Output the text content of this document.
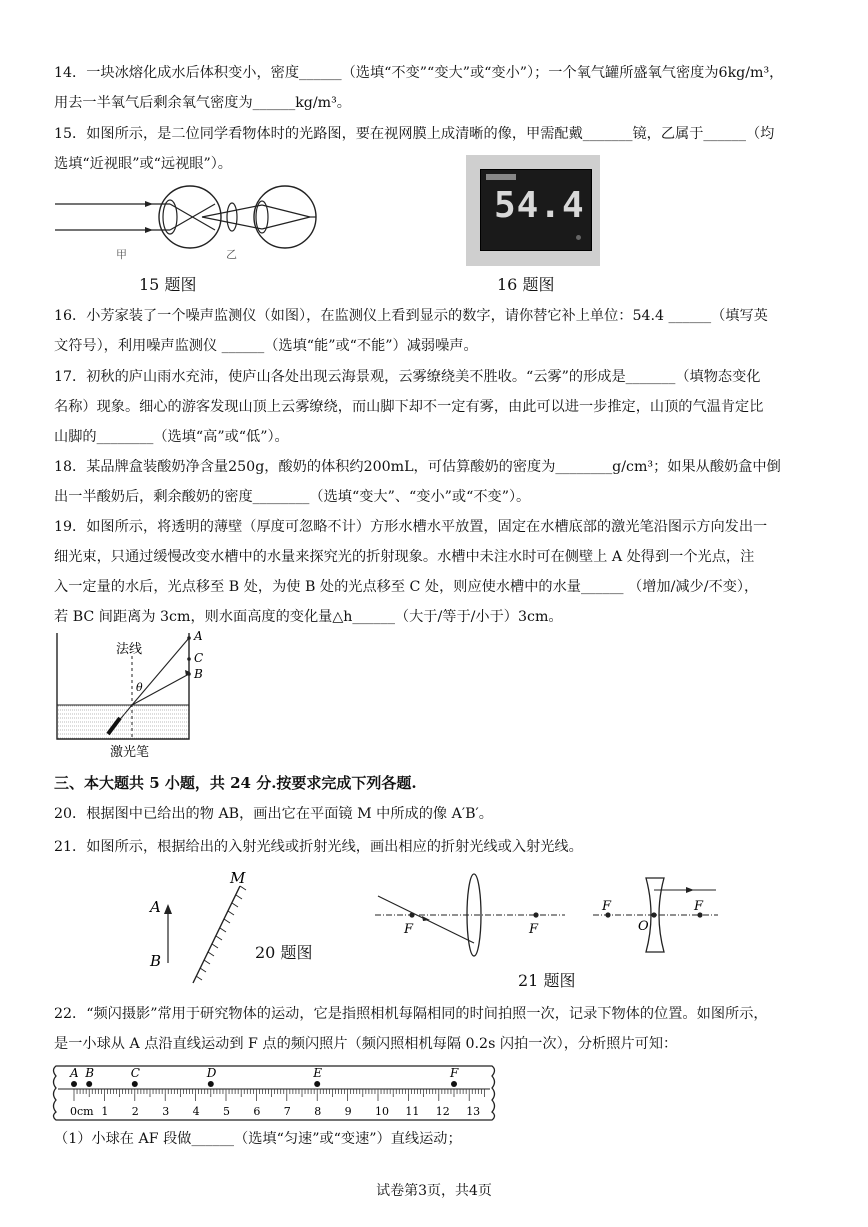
14．一块冰熔化成水后体积变小，密度______（选填“不变”“变大”或“变小”）；一个氧气罐所盛氧气密度为6kg/m³，
用去一半氧气后剩余氧气密度为______kg/m³。
15．如图所示，是二位同学看物体时的光路图，要在视网膜上成清晰的像，甲需配戴_______镜，乙属于______（均
选填“近视眼”或“远视眼”）。
甲	乙
15 题图
54.4
16 题图
16．小芳家装了一个噪声监测仪（如图），在监测仪上看到显示的数字，请你替它补上单位：54.4 ______（填写英
文符号），利用噪声监测仪 ______（选填“能”或“不能”）减弱噪声。
17．初秋的庐山雨水充沛，使庐山各处出现云海景观，云雾缭绕美不胜收。“云雾”的形成是_______（填物态变化
名称）现象。细心的游客发现山顶上云雾缭绕，而山脚下却不一定有雾，由此可以进一步推定，山顶的气温肯定比
山脚的________（选填“高”或“低”）。
18．某品牌盒装酸奶净含量250g，酸奶的体积约200mL，可估算酸奶的密度为________g/cm³；如果从酸奶盒中倒
出一半酸奶后，剩余酸奶的密度________（选填“变大”、“变小”或“不变”）。
19．如图所示，将透明的薄壁（厚度可忽略不计）方形水槽水平放置，固定在水槽底部的激光笔沿图示方向发出一
细光束，只通过缓慢改变水槽中的水量来探究光的折射现象。水槽中未注水时可在侧壁上 A 处得到一个光点，注
入一定量的水后，光点移至 B 处，为使 B 处的光点移至 C 处，则应使水槽中的水量______ （增加/减少/不变），
若 BC 间距离为 3cm，则水面高度的变化量△h______（大于/等于/小于）3cm。
法线
A
C
B
θ
激光笔
三、本大题共 5 小题，共 24 分.按要求完成下列各题.
20．根据图中已给出的物 AB，画出它在平面镜 M 中所成的像 A′B′。
21．如图所示，根据给出的入射光线或折射光线，画出相应的折射光线或入射光线。
A
B
M
20 题图
F	F
F
O
F
21 题图
22．“频闪摄影”常用于研究物体的运动，它是指照相机每隔相同的时间拍照一次，记录下物体的位置。如图所示，
是一小球从 A 点沿直线运动到 F 点的频闪照片（频闪照相机每隔 0.2s 闪拍一次），分析照片可知：
1 2 3 4 5 6 7 8 9 10 11 12 13
A B	C	D	E	F
0cm
（1）小球在 AF 段做______（选填“匀速”或“变速”）直线运动；
试卷第3页，共4页
